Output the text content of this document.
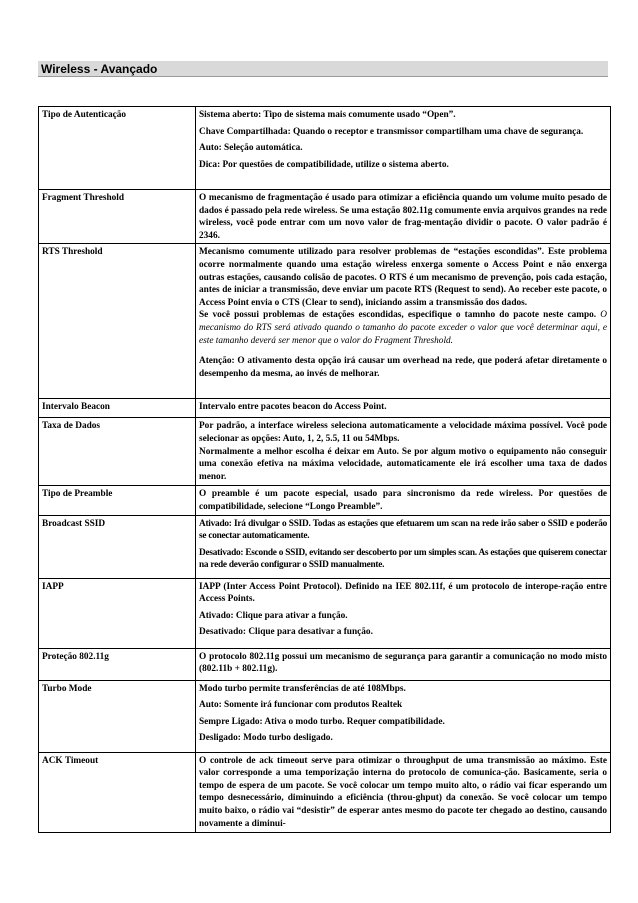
Wireless - Avançado
Tipo de Autenticação	Sistema aberto: Tipo de sistema mais comumente usado “Open”.
Chave Compartilhada: Quando o receptor e transmissor compartilham uma chave de segurança.
Auto: Seleção automática.
Dica: Por questões de compatibilidade, utilize o sistema aberto.

Fragment Threshold	O mecanismo de fragmentação é usado para otimizar a eficiência quando um volume muito pesado de dados é passado pela rede wireless. Se uma estação 802.11g comumente envia arquivos grandes na rede wireless, você pode entrar com um novo valor de frag-mentação dividir o pacote. O valor padrão é 2346.

RTS Threshold	Mecanismo comumente utilizado para resolver problemas de “estações escondidas”. Este problema ocorre normalmente quando uma estação wireless enxerga somente o Access Point e não enxerga outras estações, causando colisão de pacotes. O RTS é um mecanismo de prevenção, pois cada estação, antes de iniciar a transmissão, deve enviar um pacote RTS (Request to send). Ao receber este pacote, o Access Point envia o CTS (Clear to send), iniciando assim a transmissão dos dados.
Se você possui problemas de estações escondidas, especifique o tamnho do pacote neste campo. O mecanismo do RTS será ativado quando o tamanho do pacote exceder o valor que você determinar aqui, e este tamanho deverá ser menor que o valor do Fragment Threshold.
Atenção: O ativamento desta opção irá causar um overhead na rede, que poderá afetar diretamente o desempenho da mesma, ao invés de melhorar.

Intervalo Beacon	Intervalo entre pacotes beacon do Access Point.

Taxa de Dados	Por padrão, a interface wireless seleciona automaticamente a velocidade máxima possível. Você pode selecionar as opções: Auto, 1, 2, 5.5, 11 ou 54Mbps.
Normalmente a melhor escolha é deixar em Auto. Se por algum motivo o equipamento não conseguir uma conexão efetiva na máxima velocidade, automaticamente ele irá escolher uma taxa de dados menor.

Tipo de Preamble	O preamble é um pacote especial, usado para sincronismo da rede wireless. Por questões de compatibilidade, selecione “Longo Preamble”.

Broadcast SSID	Ativado: Irá divulgar o SSID. Todas as estações que efetuarem um scan na rede irão saber o SSID e poderão se conectar automaticamente.
Desativado: Esconde o SSID, evitando ser descoberto por um simples scan. As estações que quiserem conectar na rede deverão configurar o SSID manualmente.

IAPP	IAPP (Inter Access Point Protocol). Definido na IEE 802.11f, é um protocolo de interope-ração entre Access Points.
Ativado: Clique para ativar a função.
Desativado: Clique para desativar a função.

Proteção 802.11g	O protocolo 802.11g possui um mecanismo de segurança para garantir a comunicação no modo misto (802.11b + 802.11g).

Turbo Mode	Modo turbo permite transferências de até 108Mbps.
Auto: Somente irá funcionar com produtos Realtek
Sempre Ligado: Ativa o modo turbo. Requer compatibilidade.
Desligado: Modo turbo desligado.

ACK Timeout	O controle de ack timeout serve para otimizar o throughput de uma transmissão ao máximo. Este valor corresponde a uma temporização interna do protocolo de comunica-ção. Basicamente, seria o tempo de espera de um pacote. Se você colocar um tempo muito alto, o rádio vai ficar esperando um tempo desnecessário, diminuindo a eficiência (throu-ghput) da conexão. Se você colocar um tempo muito baixo, o rádio vai “desistir” de esperar antes mesmo do pacote ter chegado ao destino, causando novamente a diminui-
